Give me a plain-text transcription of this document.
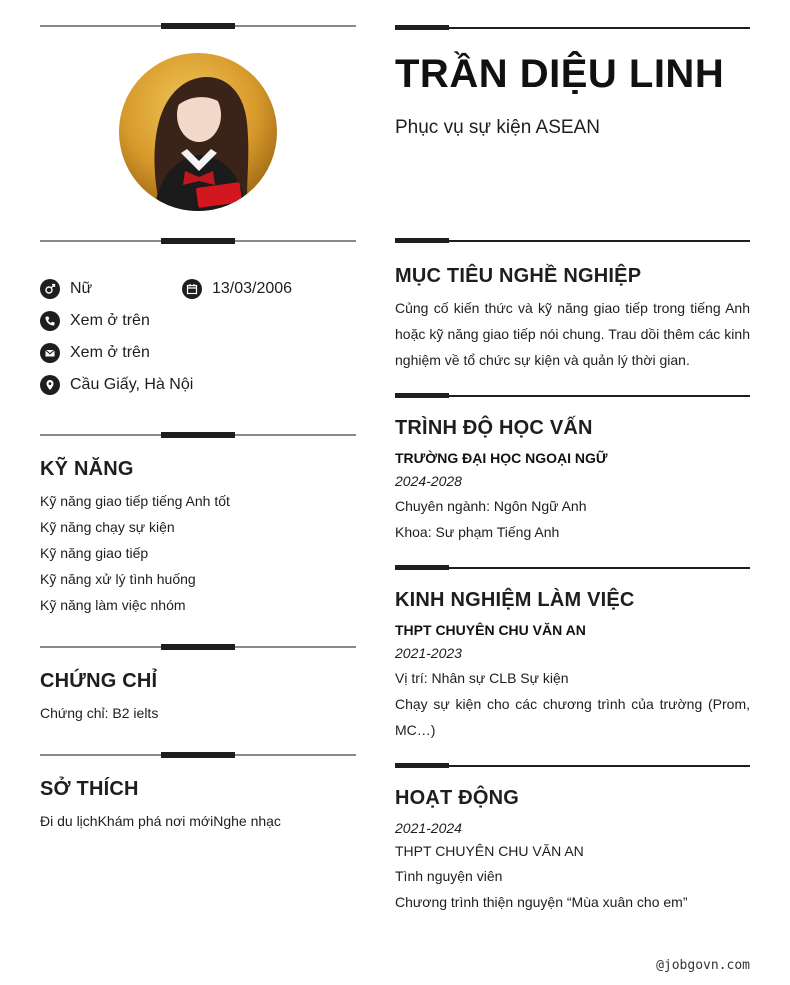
Nữ	13/03/2006
Xem ở trên
Xem ở trên
Cầu Giấy, Hà Nội
KỸ NĂNG
Kỹ năng giao tiếp tiếng Anh tốt
Kỹ năng chạy sự kiện
Kỹ năng giao tiếp
Kỹ năng xử lý tình huống
Kỹ năng làm việc nhóm
CHỨNG CHỈ
Chứng chỉ: B2 ielts
SỞ THÍCH
Đi du lịchKhám phá nơi mớiNghe nhạc
TRẦN DIỆU LINH
Phục vụ sự kiện ASEAN
MỤC TIÊU NGHỀ NGHIỆP
Củng cố kiến thức và kỹ năng giao tiếp trong tiếng Anh hoặc kỹ năng giao tiếp nói chung. Trau dồi thêm các kinh nghiệm về tổ chức sự kiện và quản lý thời gian.
TRÌNH ĐỘ HỌC VẤN
TRƯỜNG ĐẠI HỌC NGOẠI NGỮ
2024-2028
Chuyên ngành: Ngôn Ngữ Anh
Khoa: Sư phạm Tiếng Anh
KINH NGHIỆM LÀM VIỆC
THPT CHUYÊN CHU VĂN AN
2021-2023
Vị trí: Nhân sự CLB Sự kiện
Chạy sự kiện cho các chương trình của trường (Prom, MC…)
HOẠT ĐỘNG
2021-2024
THPT CHUYÊN CHU VĂN AN
Tình nguyện viên
Chương trình thiện nguyện “Mùa xuân cho em”
@jobgovn.com
